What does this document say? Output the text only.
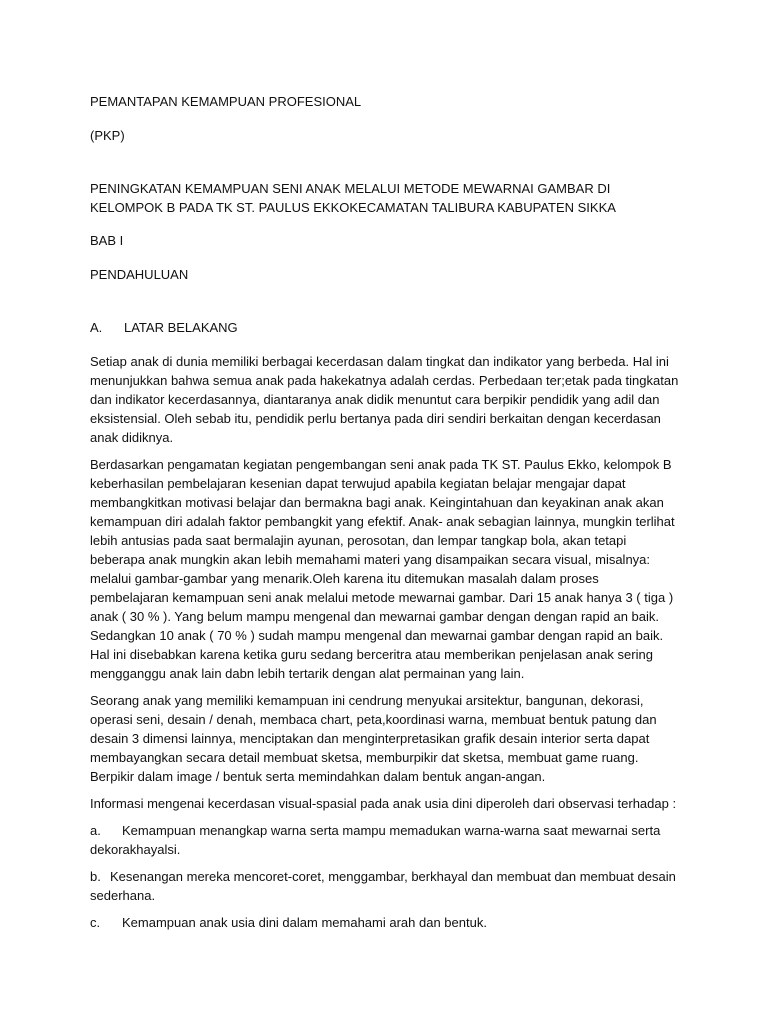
PEMANTAPAN KEMAMPUAN PROFESIONAL
(PKP)
PENINGKATAN KEMAMPUAN SENI ANAK MELALUI METODE MEWARNAI GAMBAR DI KELOMPOK B PADA TK ST. PAULUS EKKOKECAMATAN TALIBURA KABUPATEN SIKKA
BAB I
PENDAHULUAN
A.	LATAR BELAKANG

Setiap anak di dunia memiliki berbagai kecerdasan dalam tingkat dan indikator yang berbeda. Hal ini menunjukkan bahwa semua anak pada hakekatnya adalah cerdas. Perbedaan ter;etak pada tingkatan dan indikator kecerdasannya, diantaranya anak didik menuntut cara berpikir pendidik yang adil dan eksistensial. Oleh sebab itu, pendidik perlu bertanya pada diri sendiri berkaitan dengan kecerdasan anak didiknya.

Berdasarkan pengamatan kegiatan pengembangan seni anak pada TK ST. Paulus Ekko, kelompok B keberhasilan pembelajaran kesenian dapat terwujud apabila kegiatan belajar mengajar dapat membangkitkan motivasi belajar dan bermakna bagi anak. Keingintahuan dan keyakinan anak akan kemampuan diri adalah faktor pembangkit yang efektif. Anak- anak sebagian lainnya, mungkin terlihat lebih antusias pada saat bermalajin ayunan, perosotan, dan lempar tangkap bola, akan tetapi beberapa anak mungkin akan lebih memahami materi yang disampaikan secara visual, misalnya: melalui gambar-gambar yang menarik.Oleh karena itu ditemukan masalah dalam proses pembelajaran kemampuan seni anak melalui metode mewarnai gambar. Dari 15 anak hanya 3 ( tiga ) anak ( 30 % ). Yang belum mampu mengenal dan mewarnai gambar dengan dengan rapid an baik. Sedangkan 10 anak ( 70 % ) sudah mampu mengenal dan mewarnai gambar dengan rapid an baik. Hal ini disebabkan karena ketika guru sedang berceritra atau memberikan penjelasan anak sering mengganggu anak lain dabn lebih tertarik dengan alat permainan yang lain.

Seorang anak yang memiliki kemampuan ini cendrung menyukai arsitektur, bangunan, dekorasi, operasi seni, desain / denah, membaca chart, peta,koordinasi warna, membuat bentuk patung dan desain 3 dimensi lainnya, menciptakan dan menginterpretasikan grafik desain interior serta dapat membayangkan secara detail membuat sketsa, memburpikir dat sketsa, membuat game ruang. Berpikir dalam image / bentuk serta memindahkan dalam bentuk angan-angan.

Informasi mengenai kecerdasan visual-spasial pada anak usia dini diperoleh dari observasi terhadap :

a. Kemampuan menangkap warna serta mampu memadukan warna-warna saat mewarnai serta dekorakhayalsi.
b. Kesenangan mereka mencoret-coret, menggambar, berkhayal dan membuat dan membuat desain sederhana.
c. Kemampuan anak usia dini dalam memahami arah dan bentuk.
